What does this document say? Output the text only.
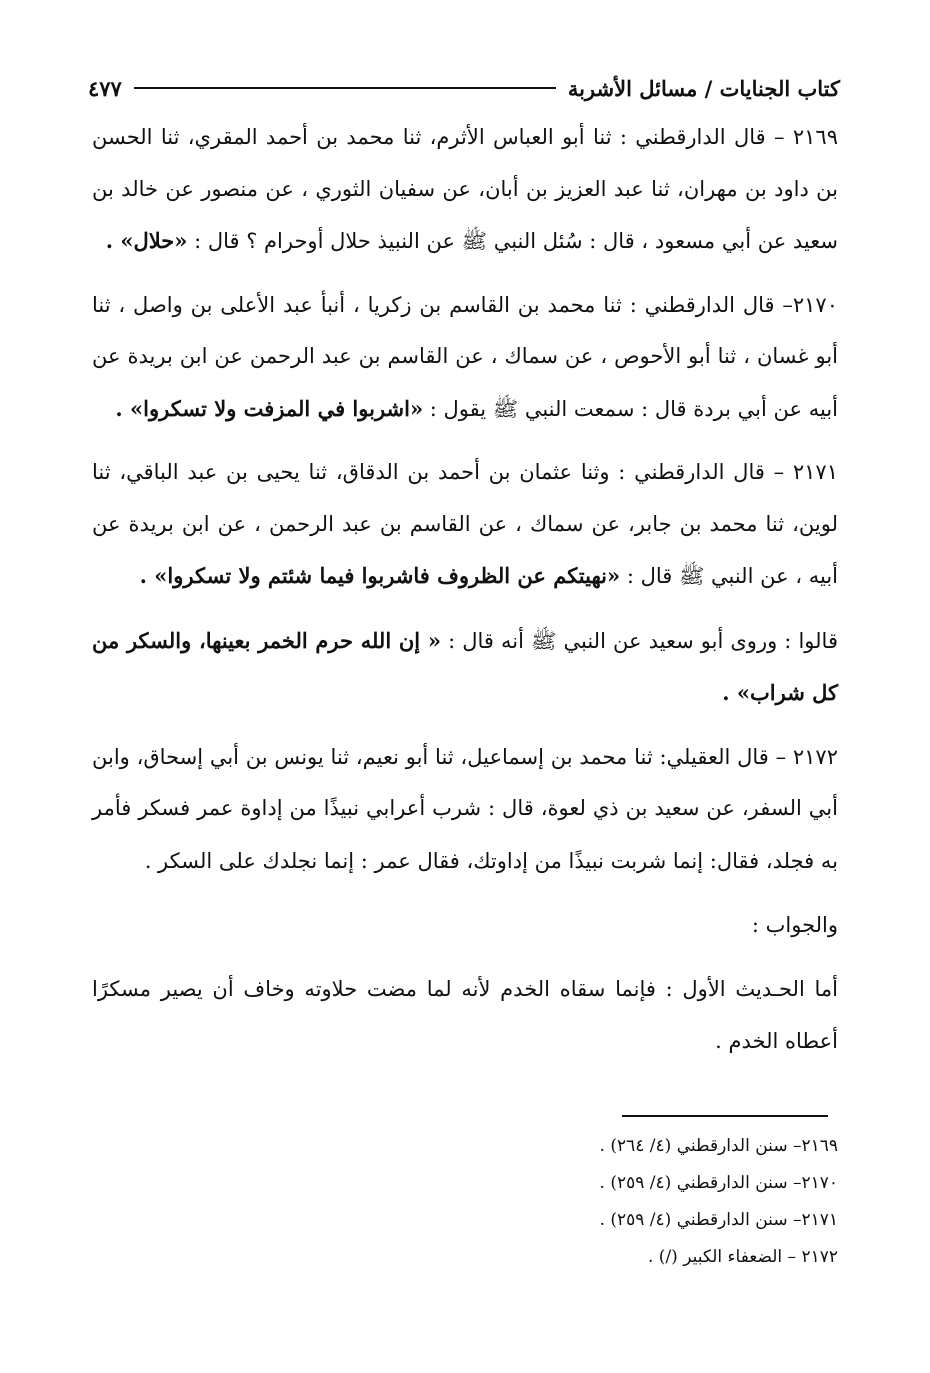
كتاب الجنايات / مسائل الأشربة
٤٧٧

٢١٦٩ – قال الدارقطني : ثنا أبو العباس الأثرم، ثنا محمد بن أحمد المقري، ثنا الحسن بن داود بن مهران، ثنا عبد العزيز بن أبان، عن سفيان الثوري ، عن منصور عن خالد بن سعيد عن أبي مسعود ، قال : سُئل النبي ﷺ عن النبيذ حلال أوحرام ؟ قال : «حلال» .

٢١٧٠– قال الدارقطني : ثنا محمد بن القاسم بن زكريا ، أنبأ عبد الأعلى بن واصل ، ثنا أبو غسان ، ثنا أبو الأحوص ، عن سماك ، عن القاسم بن عبد الرحمن عن ابن بريدة عن أبيه عن أبي بردة قال : سمعت النبي ﷺ يقول : «اشربوا في المزفت ولا تسكروا» .

٢١٧١ – قال الدارقطني : وثنا عثمان بن أحمد بن الدقاق، ثنا يحيى بن عبد الباقي، ثنا لوين، ثنا محمد بن جابر، عن سماك ، عن القاسم بن عبد الرحمن ، عن ابن بريدة عن أبيه ، عن النبي ﷺ قال : «نهيتكم عن الظروف فاشربوا فيما شئتم ولا تسكروا» .

قالوا : وروى أبو سعيد عن النبي ﷺ أنه قال : « إن الله حرم الخمر بعينها، والسكر من كل شراب» .

٢١٧٢ – قال العقيلي: ثنا محمد بن إسماعيل، ثنا أبو نعيم، ثنا يونس بن أبي إسحاق، وابن أبي السفر، عن سعيد بن ذي لعوة، قال : شرب أعرابي نبيذًا من إداوة عمر فسكر فأمر به فجلد، فقال: إنما شربت نبيذًا من إداوتك، فقال عمر : إنما نجلدك على السكر .

والجواب :

أما الحـديث الأول : فإنما سقاه الخدم لأنه لما مضت حلاوته وخاف أن يصير مسكرًا أعطاه الخدم .

٢١٦٩– سنن الدارقطني (٤/ ٢٦٤) .

٢١٧٠– سنن الدارقطني (٤/ ٢٥٩) .

٢١٧١– سنن الدارقطني (٤/ ٢٥٩) .

٢١٧٢ – الضعفاء الكبير (/) .
